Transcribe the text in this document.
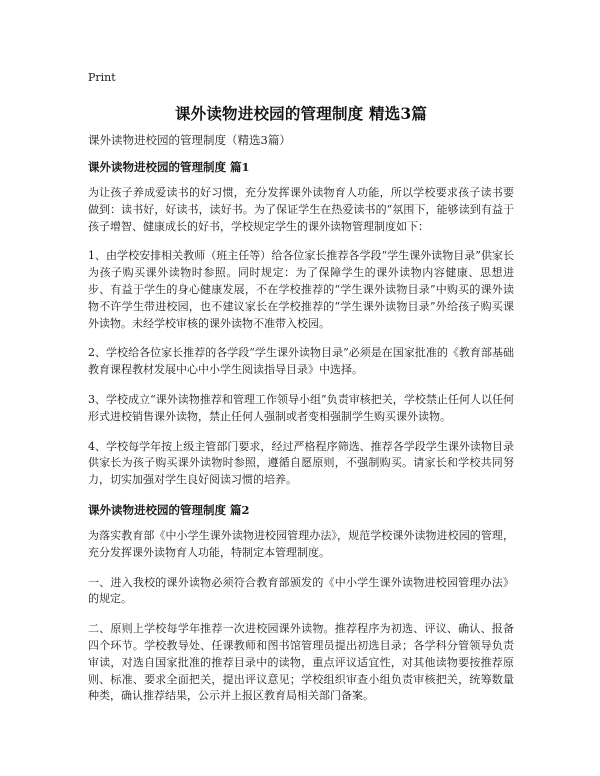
Print
课外读物进校园的管理制度 精选3篇

课外读物进校园的管理制度（精选3篇）

课外读物进校园的管理制度 篇1

为让孩子养成爱读书的好习惯，充分发挥课外读物育人功能，所以学校要求孩子读书要做到：读书好，好读书，读好书。为了保证学生在热爱读书的“氛围下，能够读到有益于孩子增智、健康成长的好书，学校规定学生的课外读物管理制度如下：

1、由学校安排相关教师（班主任等）给各位家长推荐各学段“学生课外读物目录”供家长为孩子购买课外读物时参照。同时规定：为了保障学生的课外读物内容健康、思想进步、有益于学生的身心健康发展，不在学校推荐的“学生课外读物目录”中购买的课外读物不许学生带进校园，也不建议家长在学校推荐的“学生课外读物目录”外给孩子购买课外读物。未经学校审核的课外读物不准带入校园。

2、学校给各位家长推荐的各学段“学生课外读物目录”必须是在国家批准的《教育部基础教育课程教材发展中心中小学生阅读指导目录》中选择。

3、学校成立“课外读物推荐和管理工作领导小组”负责审核把关，学校禁止任何人以任何形式进校销售课外读物，禁止任何人强制或者变相强制学生购买课外读物。

4、学校每学年按上级主管部门要求，经过严格程序筛选、推荐各学段学生课外读物目录供家长为孩子购买课外读物时参照，遵循自愿原则，不强制购买。请家长和学校共同努力，切实加强对学生良好阅读习惯的培养。

课外读物进校园的管理制度 篇2

为落实教育部《中小学生课外读物进校园管理办法》，规范学校课外读物进校园的管理，充分发挥课外读物育人功能，特制定本管理制度。

一、进入我校的课外读物必须符合教育部颁发的《中小学生课外读物进校园管理办法》的规定。

二、原则上学校每学年推荐一次进校园课外读物。推荐程序为初选、评议、确认、报备四个环节。学校教导处、任课教师和图书馆管理员提出初选目录；各学科分管领导负责审读，对选自国家批准的推荐目录中的读物，重点评议适宜性，对其他读物要按推荐原则、标准、要求全面把关，提出评议意见；学校组织审查小组负责审核把关，统筹数量种类，确认推荐结果，公示并上报区教育局相关部门备案。
